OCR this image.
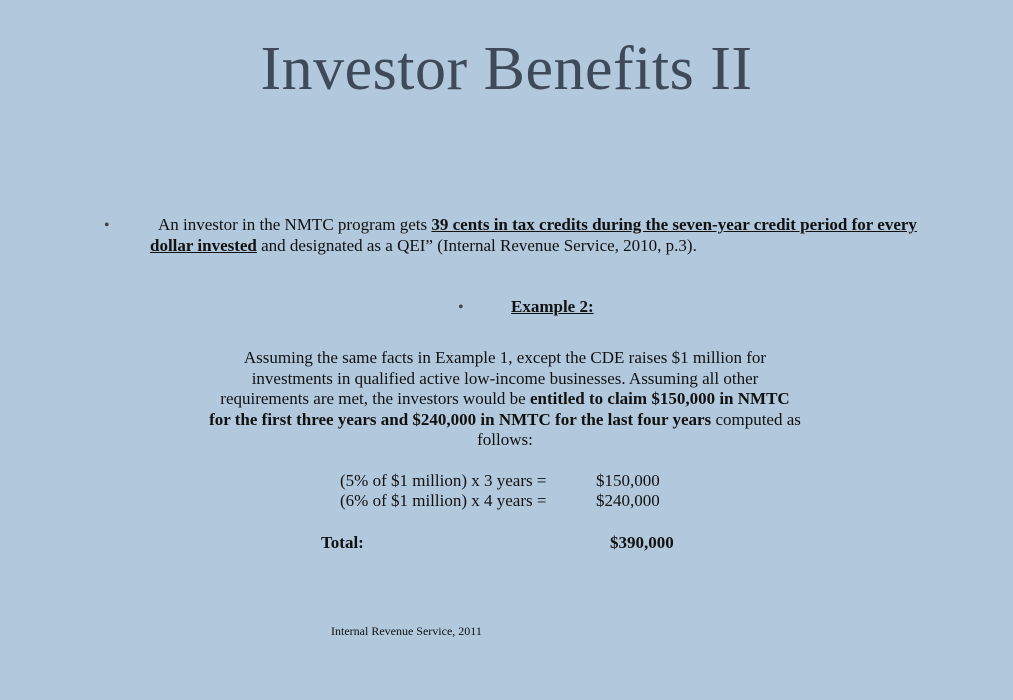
Investor Benefits II
•	An investor in the NMTC program gets 39 cents in tax credits during the seven-year credit period for every dollar invested and designated as a QEI” (Internal Revenue Service, 2010, p.3).
•	Example 2:
Assuming the same facts in Example 1, except the CDE raises $1 million for
investments in qualified active low-income businesses. Assuming all other
requirements are met, the investors would be entitled to claim $150,000 in NMTC
for the first three years and $240,000 in NMTC for the last four years computed as
follows:
(5% of $1 million) x 3 years =	$150,000
(6% of $1 million) x 4 years =	$240,000
Total:	$390,000
Internal Revenue Service, 2011
